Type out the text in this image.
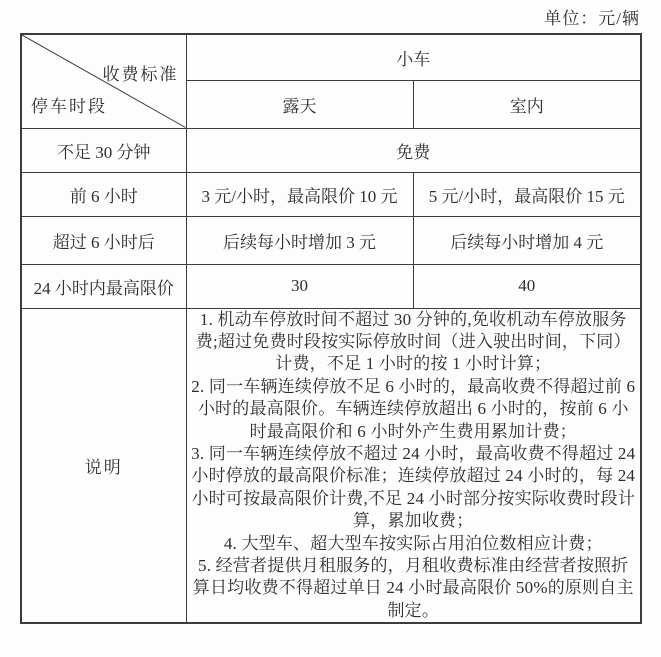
单位：元/辆
收费标准
停车时段	小车	
	露天	室内
不足 30 分钟	免费	
前 6 小时	3 元/小时，最高限价 10 元	5 元/小时，最高限价 15 元
超过 6 小时后	后续每小时增加 3 元	后续每小时增加 4 元
24 小时内最高限价	30	40
说明	1. 机动车停放时间不超过 30 分钟的,免收机动车停放服务费;超过免费时段按实际停放时间（进入驶出时间，下同）计费，不足 1 小时的按 1 小时计算；
2. 同一车辆连续停放不足 6 小时的，最高收费不得超过前 6 小时的最高限价。车辆连续停放超出 6 小时的，按前 6 小时最高限价和 6 小时外产生费用累加计费；
3. 同一车辆连续停放不超过 24 小时，最高收费不得超过 24 小时停放的最高限价标准；连续停放超过 24 小时的，每 24 小时可按最高限价计费,不足 24 小时部分按实际收费时段计算，累加收费；
4. 大型车、超大型车按实际占用泊位数相应计费；
5. 经营者提供月租服务的，月租收费标准由经营者按照折算日均收费不得超过单日 24 小时最高限价 50%的原则自主制定。	
